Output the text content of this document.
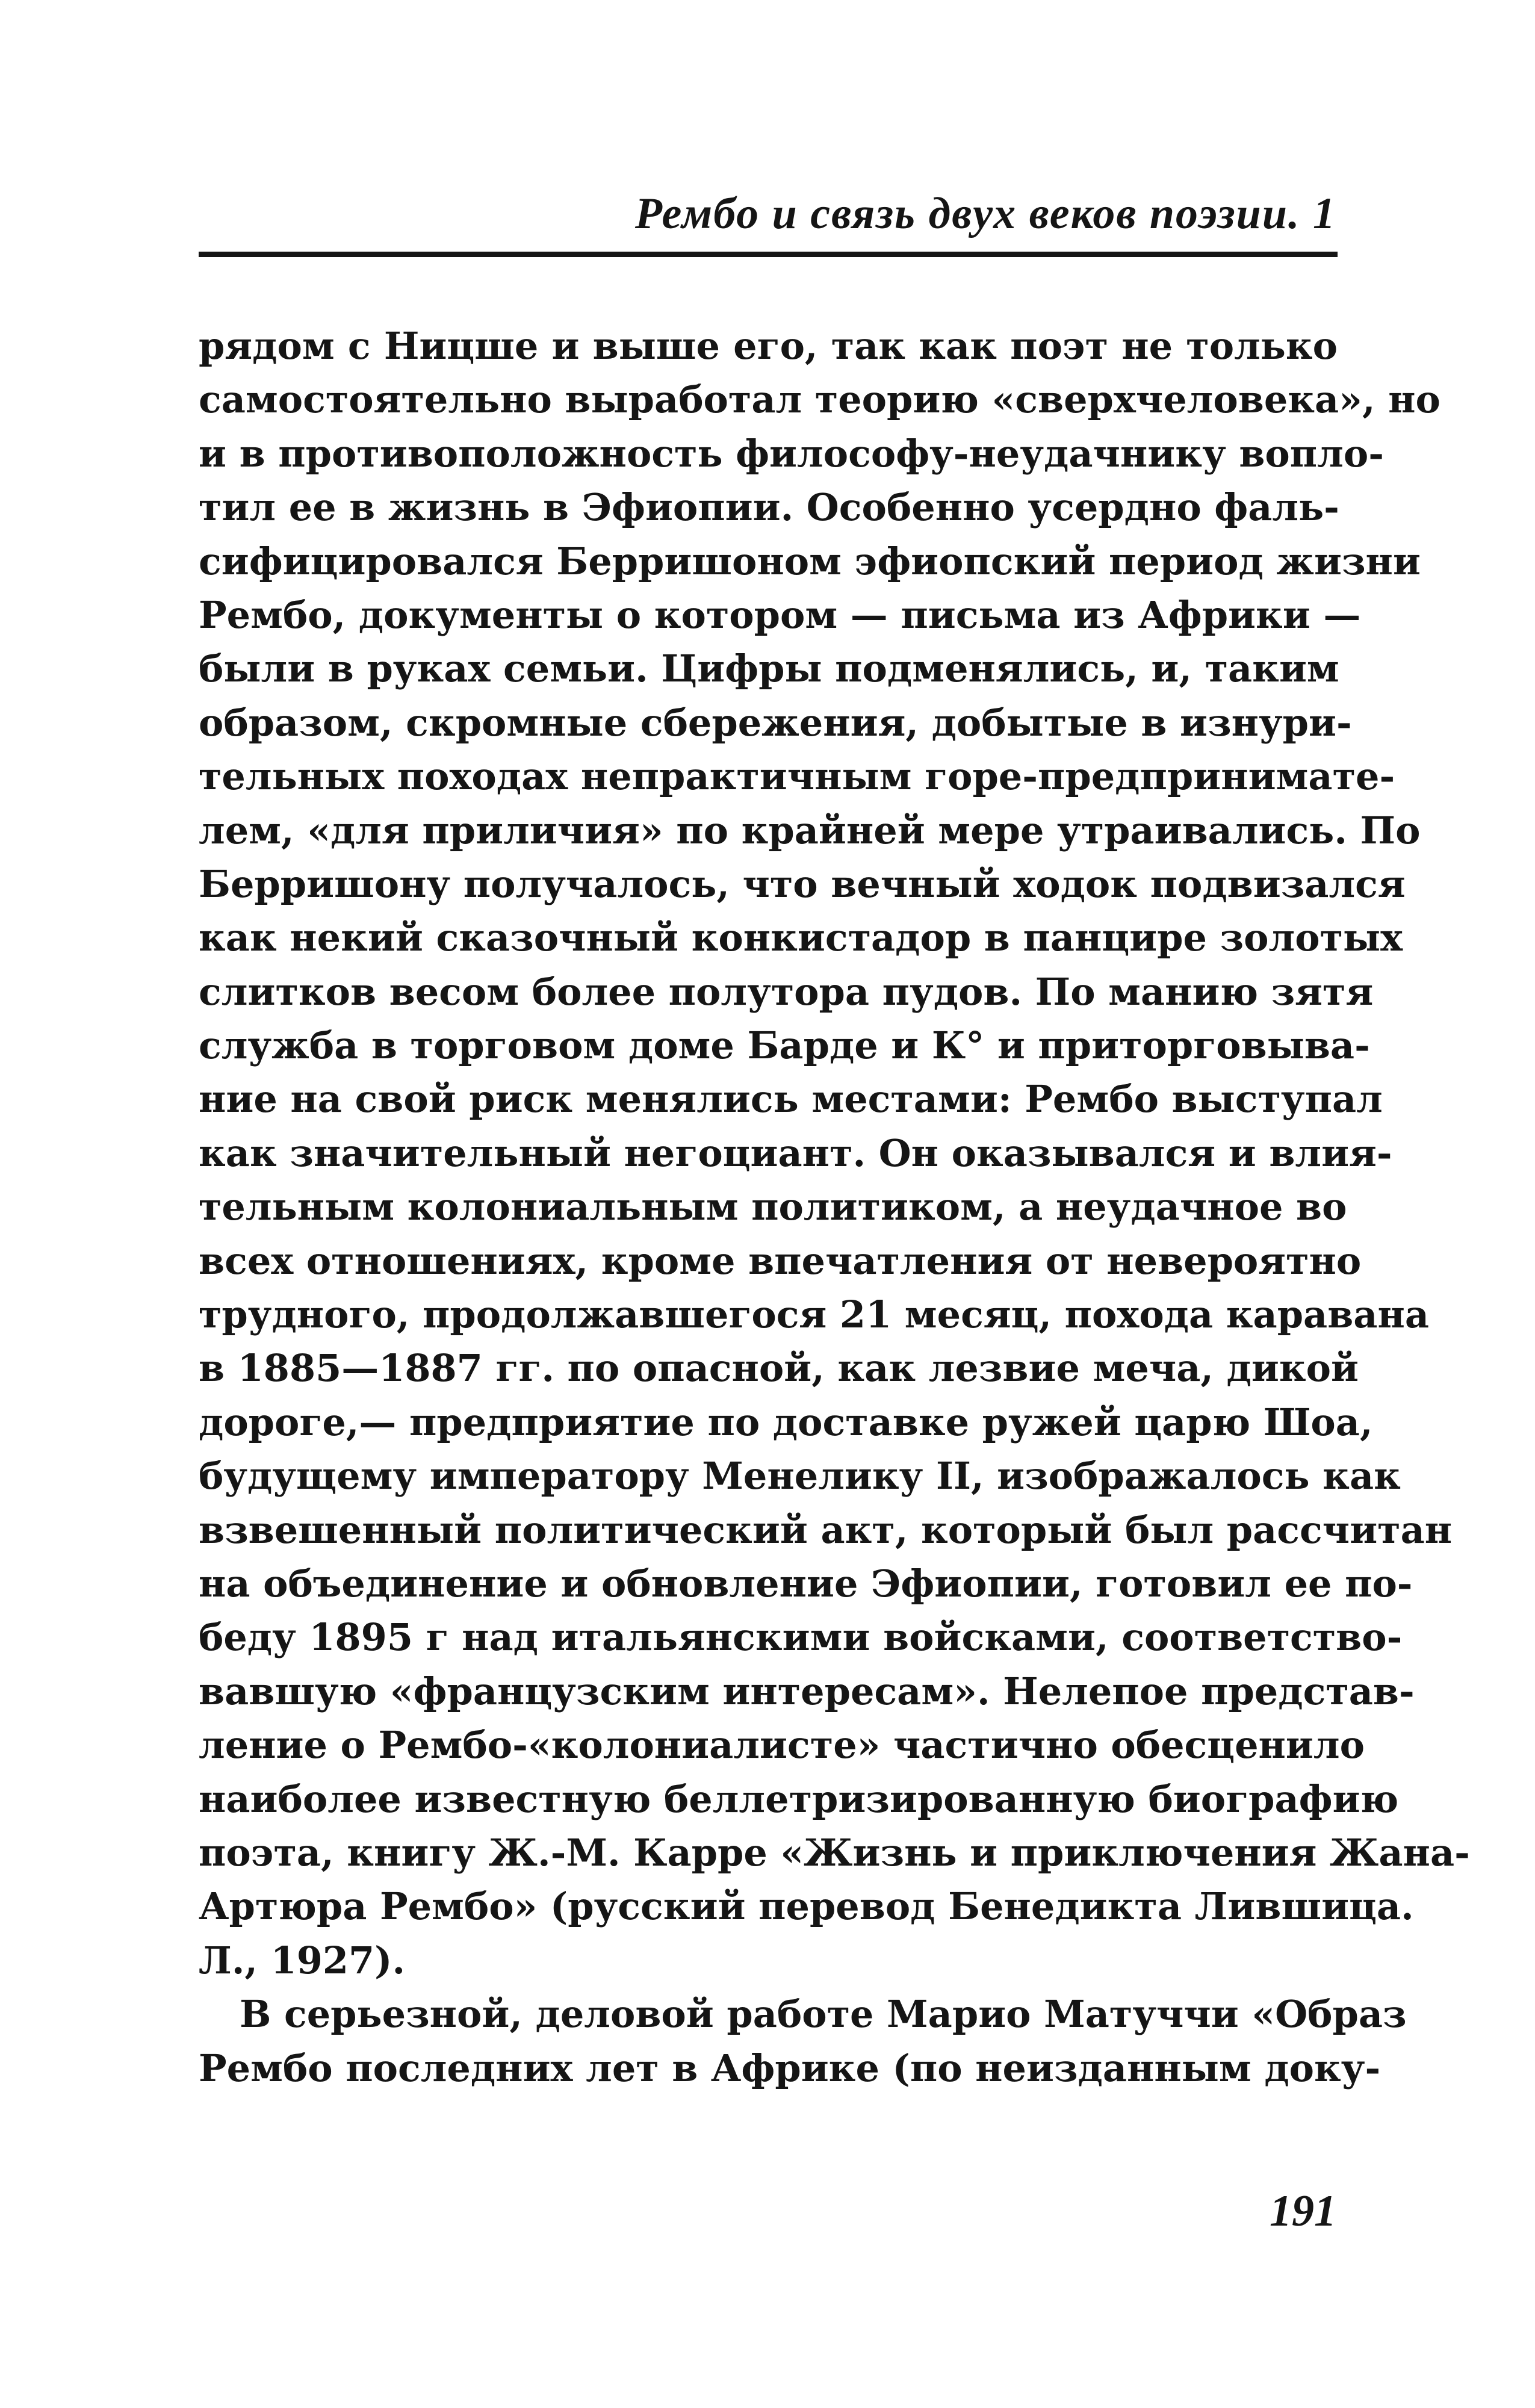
Рембо и связь двух веков поэзии. 1
рядом с Ницше и выше его, так как поэт не только
самостоятельно выработал теорию «сверхчеловека», но
и в противоположность философу-неудачнику вопло-
тил ее в жизнь в Эфиопии. Особенно усердно фаль-
сифицировался Берришоном эфиопский период жизни
Рембо, документы о котором — письма из Африки —
были в руках семьи. Цифры подменялись, и, таким
образом, скромные сбережения, добытые в изнури-
тельных походах непрактичным горе-предпринимате-
лем, «для приличия» по крайней мере утраивались. По
Берришону получалось, что вечный ходок подвизался
как некий сказочный конкистадор в панцире золотых
слитков весом более полутора пудов. По манию зятя
служба в торговом доме Барде и К° и приторговыва-
ние на свой риск менялись местами: Рембо выступал
как значительный негоциант. Он оказывался и влия-
тельным колониальным политиком, а неудачное во
всех отношениях, кроме впечатления от невероятно
трудного, продолжавшегося 21 месяц, похода каравана
в 1885—1887 гг. по опасной, как лезвие меча, дикой
дороге,— предприятие по доставке ружей царю Шоа,
будущему императору Менелику II, изображалось как
взвешенный политический акт, который был рассчитан
на объединение и обновление Эфиопии, готовил ее по-
беду 1895 г над итальянскими войсками, соответство-
вавшую «французским интересам». Нелепое представ-
ление о Рембо-«колониалисте» частично обесценило
наиболее известную беллетризированную биографию
поэта, книгу Ж.-М. Карре «Жизнь и приключения Жана-
Артюра Рембо» (русский перевод Бенедикта Лившица.
Л., 1927).
В серьезной, деловой работе Марио Матуччи «Образ
Рембо последних лет в Африке (по неизданным доку-
191
